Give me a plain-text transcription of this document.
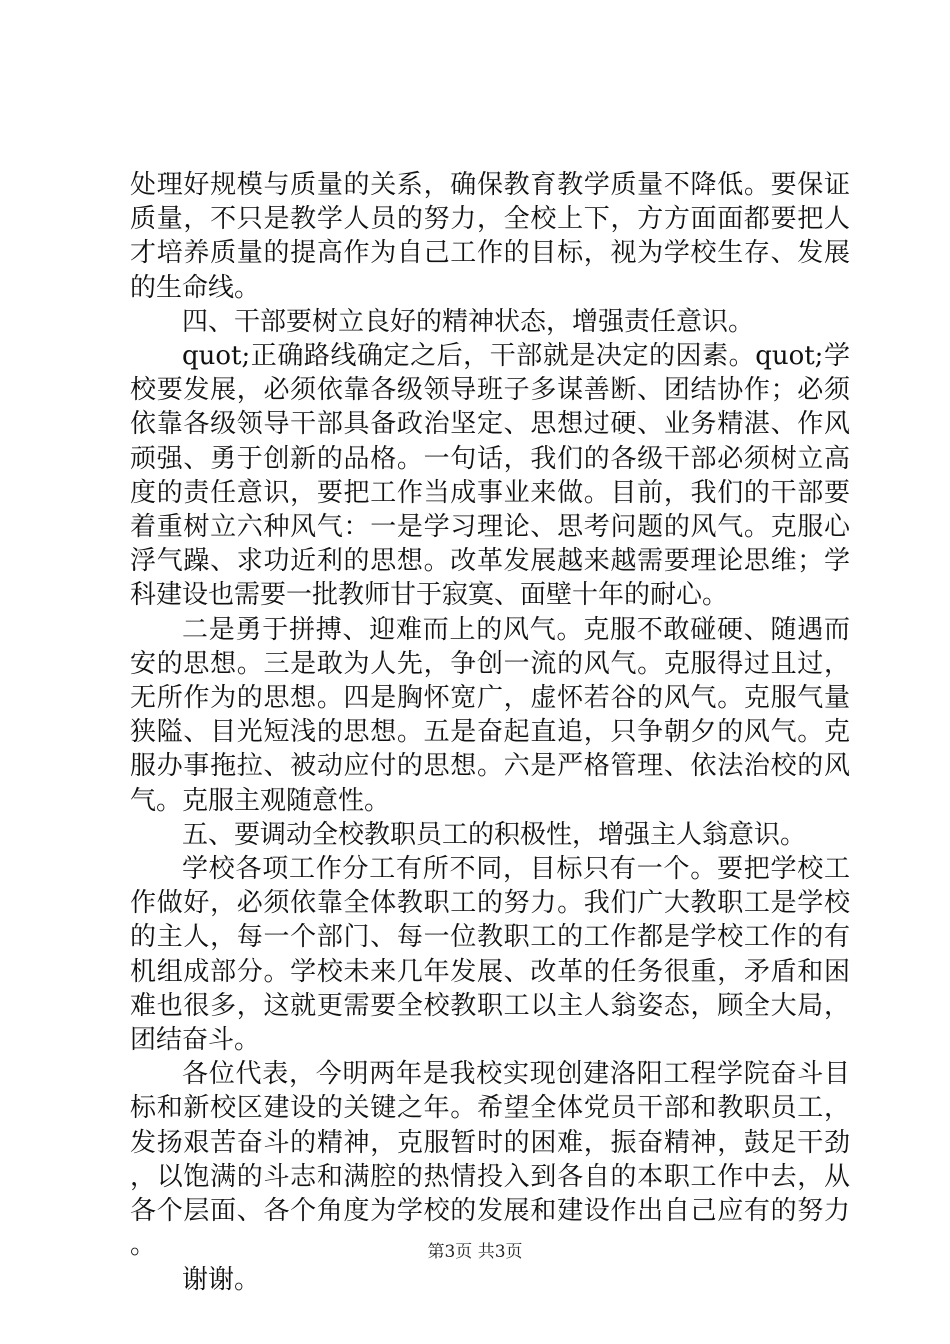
处理好规模与质量的关系，确保教育教学质量不降低。要保证质量，不只是教学人员的努力，全校上下，方方面面都要把人才培养质量的提高作为自己工作的目标，视为学校生存、发展的生命线。

四、干部要树立良好的精神状态，增强责任意识。

quot;正确路线确定之后，干部就是决定的因素。quot;学校要发展，必须依靠各级领导班子多谋善断、团结协作；必须依靠各级领导干部具备政治坚定、思想过硬、业务精湛、作风顽强、勇于创新的品格。一句话，我们的各级干部必须树立高度的责任意识，要把工作当成事业来做。目前，我们的干部要着重树立六种风气：一是学习理论、思考问题的风气。克服心浮气躁、求功近利的思想。改革发展越来越需要理论思维；学科建设也需要一批教师甘于寂寞、面壁十年的耐心。

二是勇于拼搏、迎难而上的风气。克服不敢碰硬、随遇而安的思想。三是敢为人先，争创一流的风气。克服得过且过，无所作为的思想。四是胸怀宽广，虚怀若谷的风气。克服气量狭隘、目光短浅的思想。五是奋起直追，只争朝夕的风气。克服办事拖拉、被动应付的思想。六是严格管理、依法治校的风气。克服主观随意性。

五、要调动全校教职员工的积极性，增强主人翁意识。

学校各项工作分工有所不同，目标只有一个。要把学校工作做好，必须依靠全体教职工的努力。我们广大教职工是学校的主人，每一个部门、每一位教职工的工作都是学校工作的有机组成部分。学校未来几年发展、改革的任务很重，矛盾和困难也很多，这就更需要全校教职工以主人翁姿态，顾全大局，团结奋斗。

各位代表，今明两年是我校实现创建洛阳工程学院奋斗目标和新校区建设的关键之年。希望全体党员干部和教职员工，发扬艰苦奋斗的精神，克服暂时的困难，振奋精神，鼓足干劲，以饱满的斗志和满腔的热情投入到各自的本职工作中去，从各个层面、各个角度为学校的发展和建设作出自己应有的努力。

谢谢。

第3页 共3页
